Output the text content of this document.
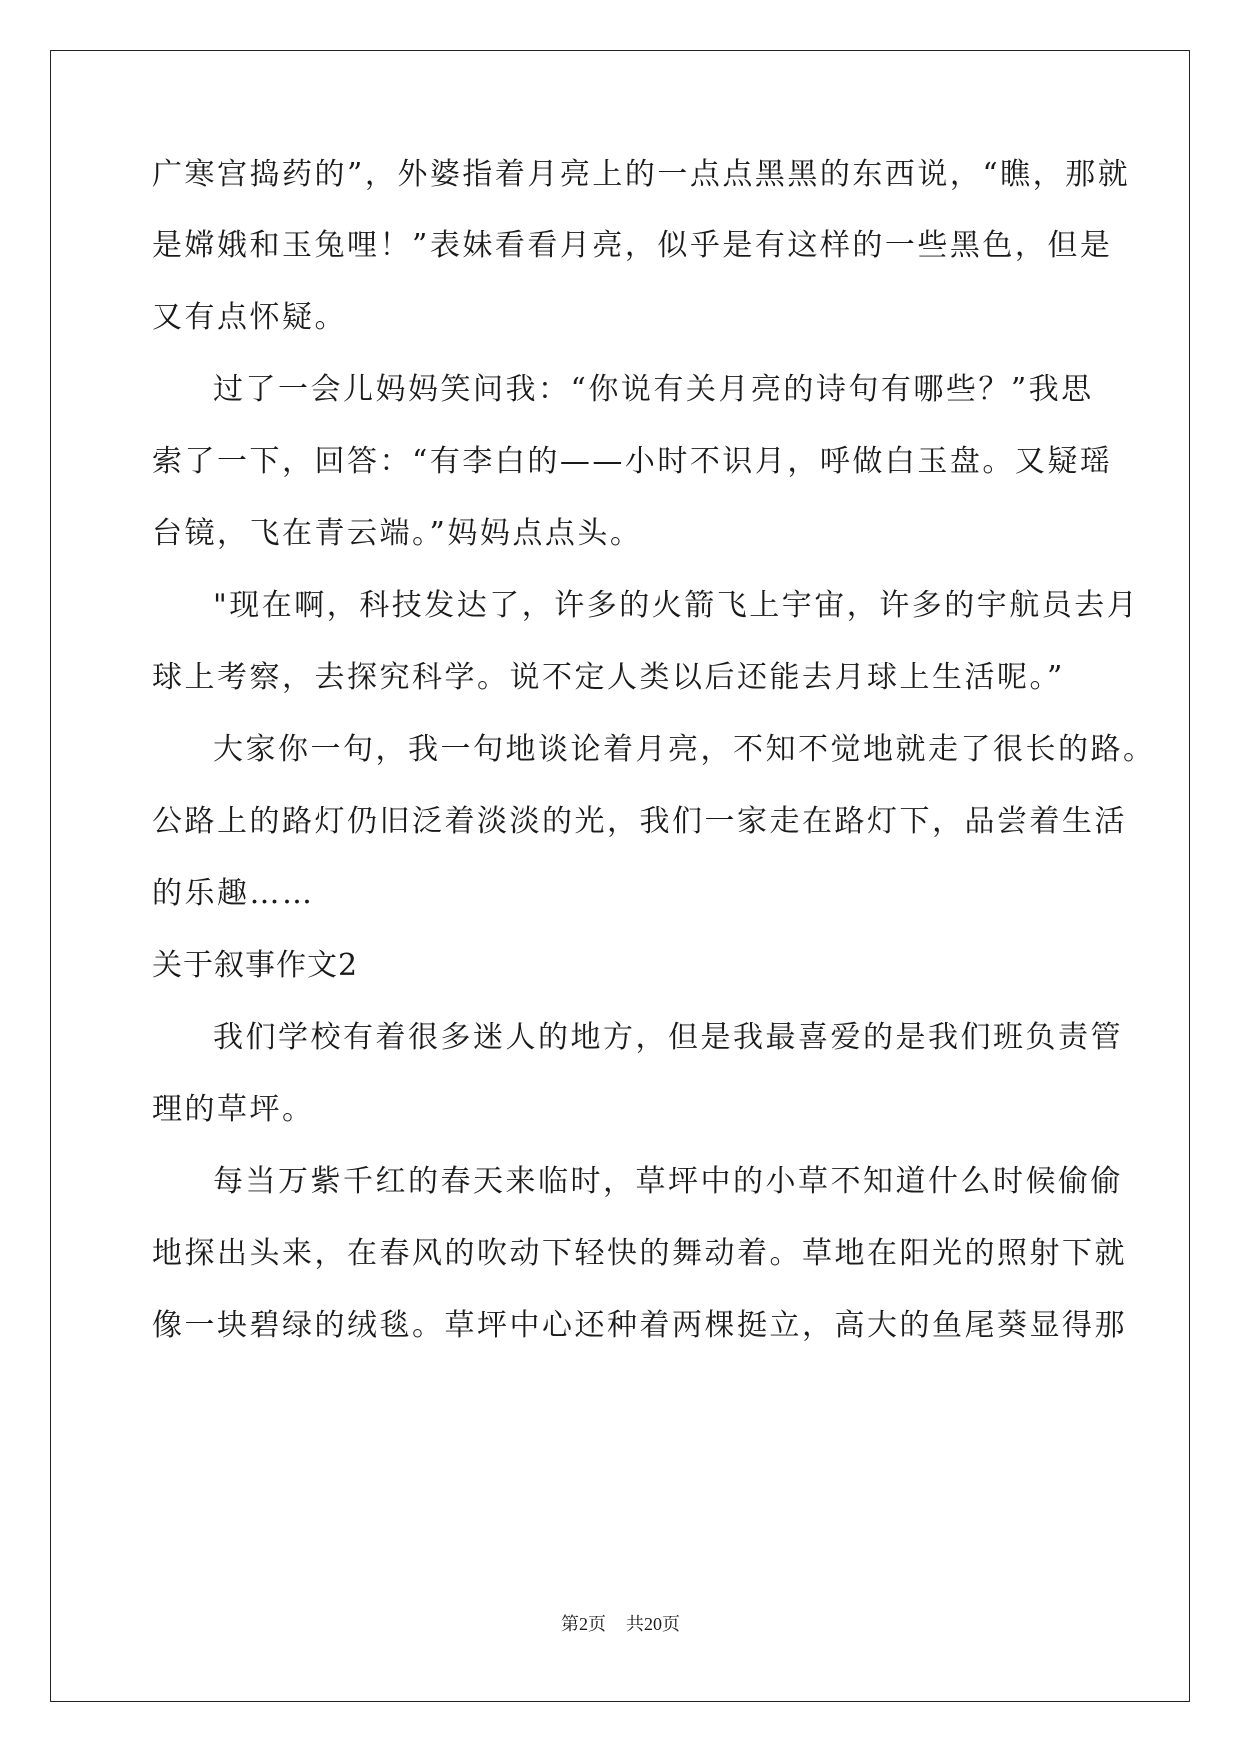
广寒宫捣药的”，外婆指着月亮上的一点点黑黑的东西说，“瞧，那就
是嫦娥和玉兔哩！”表妹看看月亮，似乎是有这样的一些黑色，但是
又有点怀疑。
过了一会儿妈妈笑问我：“你说有关月亮的诗句有哪些？”我思
索了一下，回答：“有李白的——小时不识月，呼做白玉盘。又疑瑶
台镜，飞在青云端。”妈妈点点头。
"现在啊，科技发达了，许多的火箭飞上宇宙，许多的宇航员去月
球上考察，去探究科学。说不定人类以后还能去月球上生活呢。”
大家你一句，我一句地谈论着月亮，不知不觉地就走了很长的路。
公路上的路灯仍旧泛着淡淡的光，我们一家走在路灯下，品尝着生活
的乐趣……
关于叙事作文2
我们学校有着很多迷人的地方，但是我最喜爱的是我们班负责管
理的草坪。
每当万紫千红的春天来临时，草坪中的小草不知道什么时候偷偷
地探出头来，在春风的吹动下轻快的舞动着。草地在阳光的照射下就
像一块碧绿的绒毯。草坪中心还种着两棵挺立，高大的鱼尾葵显得那
第2页 共20页
